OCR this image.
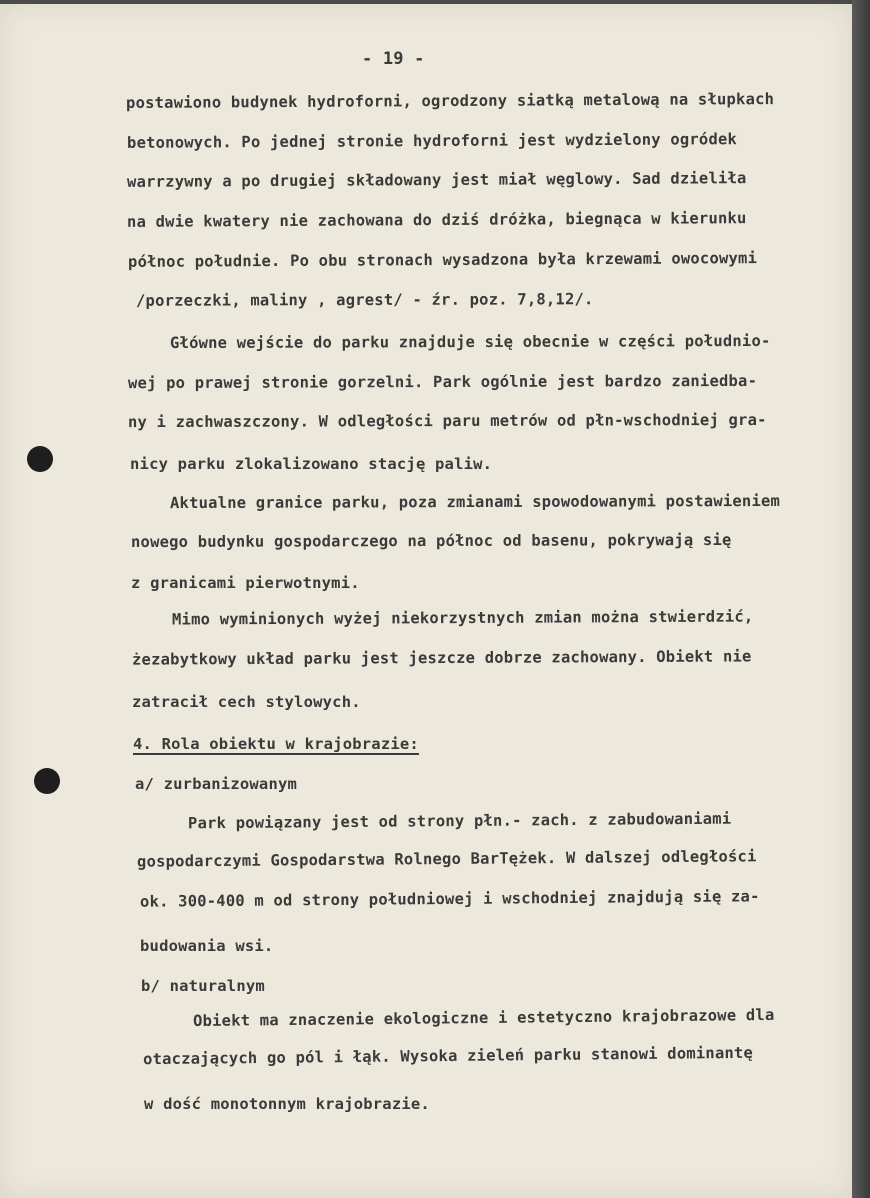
- 19 -
postawiono budynek hydroforni, ogrodzony siatką metalową na słupkach
betonowych. Po jednej stronie hydroforni jest wydzielony ogródek
warrzywny a po drugiej składowany jest miał węglowy. Sad dzieliła
na dwie kwatery nie zachowana do dziś dróżka, biegnąca w kierunku
północ południe. Po obu stronach wysadzona była krzewami owocowymi
/porzeczki, maliny , agrest/ - źr. poz. 7,8,12/.
Główne wejście do parku znajduje się obecnie w części południo-
wej po prawej stronie gorzelni. Park ogólnie jest bardzo zaniedba-
ny i zachwaszczony. W odległości paru metrów od płn-wschodniej gra-
nicy parku zlokalizowano stację paliw.
Aktualne granice parku, poza zmianami spowodowanymi postawieniem
nowego budynku gospodarczego na północ od basenu, pokrywają się
z granicami pierwotnymi.
Mimo wyminionych wyżej niekorzystnych zmian można stwierdzić,
żezabytkowy układ parku jest jeszcze dobrze zachowany. Obiekt nie
zatracił cech stylowych.
4. Rola obiektu w krajobrazie:
a/ zurbanizowanym
Park powiązany jest od strony płn.- zach. z zabudowaniami
gospodarczymi Gospodarstwa Rolnego BarTężek. W dalszej odległości
ok. 300-400 m od strony południowej i wschodniej znajdują się za-
budowania wsi.
b/ naturalnym
Obiekt ma znaczenie ekologiczne i estetyczno krajobrazowe dla
otaczających go pól i łąk. Wysoka zieleń parku stanowi dominantę
w dość monotonnym krajobrazie.
